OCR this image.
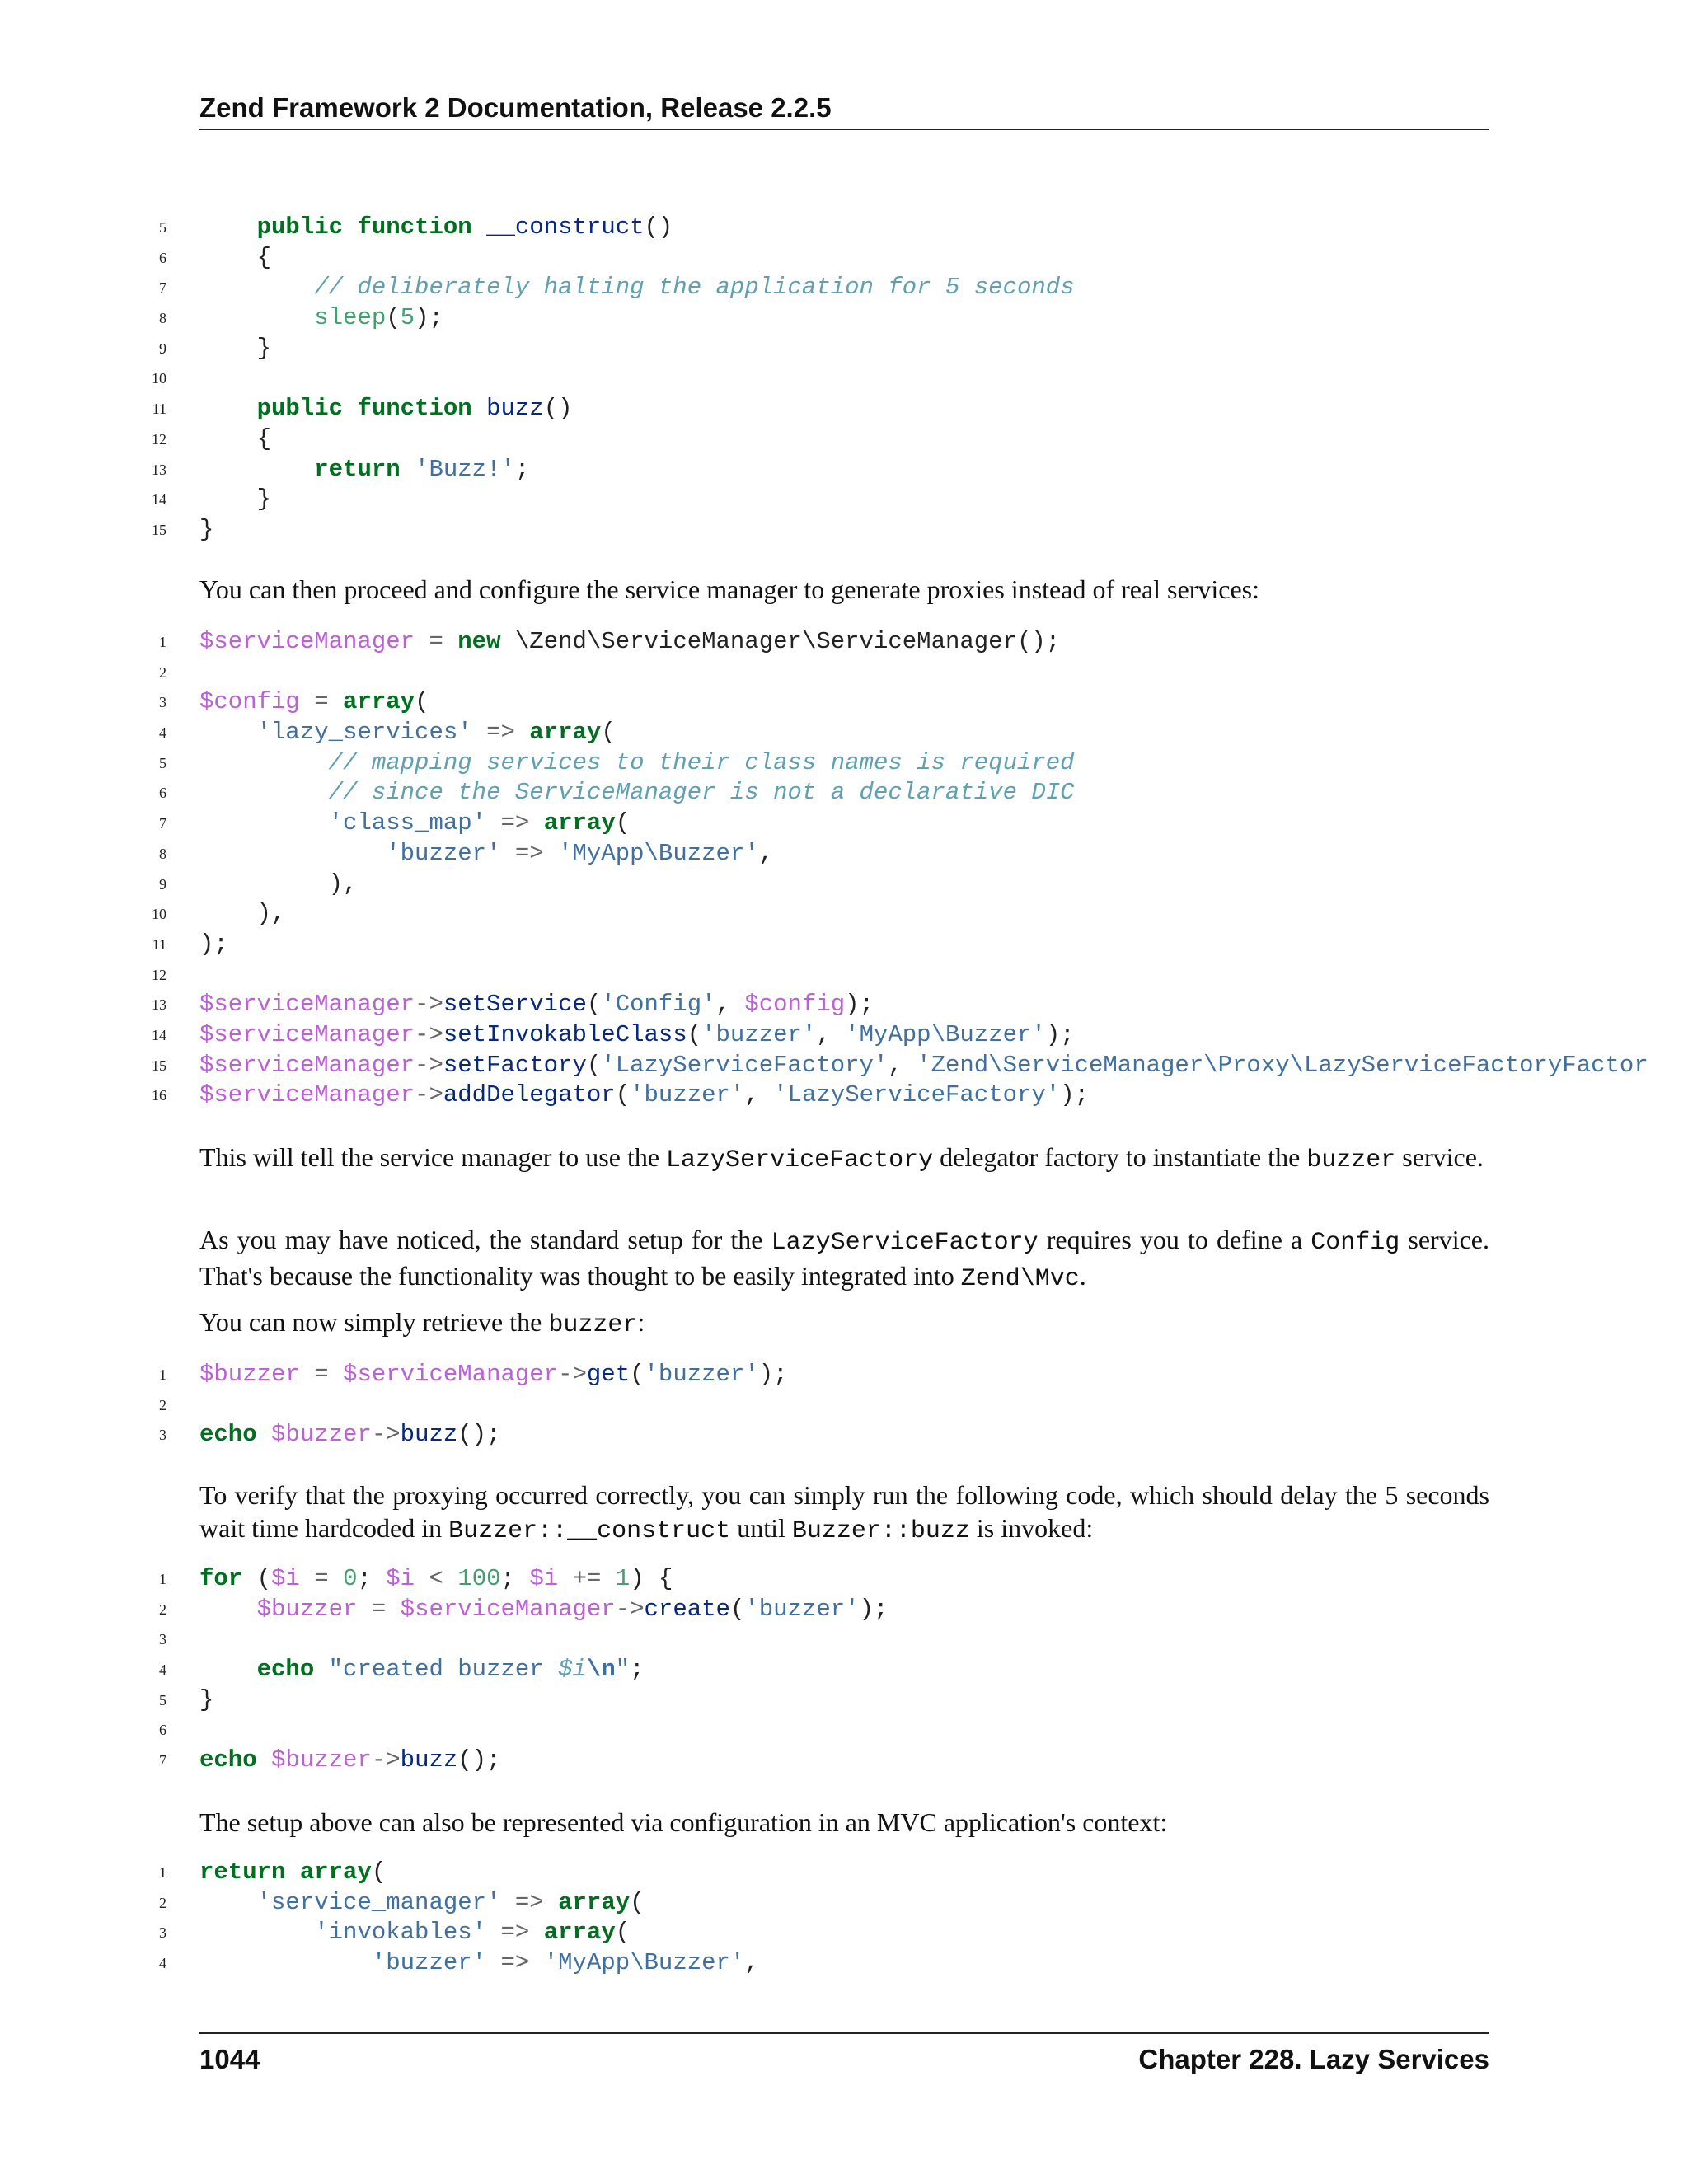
Zend Framework 2 Documentation, Release 2.2.5
5	public function __construct()
6 {
7	// deliberately halting the application for 5 seconds
8	sleep(5);
9 }
10
11	public function buzz()
12 {
13	return 'Buzz!';
14 }
15 }
You can then proceed and configure the service manager to generate proxies instead of real services:
1 $serviceManager = new \Zend\ServiceManager\ServiceManager();
2
3 $config = array(
4	'lazy_services' => array(
5	// mapping services to their class names is required
6	// since the ServiceManager is not a declarative DIC
7	'class_map' => array(
8	'buzzer' => 'MyApp\Buzzer',
9 ),
10 ),
11 );
12
13 $serviceManager->setService('Config', $config);
14 $serviceManager->setInvokableClass('buzzer', 'MyApp\Buzzer');
15 $serviceManager->setFactory('LazyServiceFactory', 'Zend\ServiceManager\Proxy\LazyServiceFactoryFactor
16 $serviceManager->addDelegator('buzzer', 'LazyServiceFactory');
This will tell the service manager to use the LazyServiceFactory delegator factory to instantiate the buzzer service.
As you may have noticed, the standard setup for the LazyServiceFactory requires you to define a Config service. That's because the functionality was thought to be easily integrated into Zend\Mvc.
You can now simply retrieve the buzzer:
1 $buzzer = $serviceManager->get('buzzer');
2
3 echo $buzzer->buzz();
To verify that the proxying occurred correctly, you can simply run the following code, which should delay the 5 seconds wait time hardcoded in Buzzer::__construct until Buzzer::buzz is invoked:
1 for ($i = 0; $i < 100; $i += 1) {
2	$buzzer = $serviceManager->create('buzzer');
3
4	echo "created buzzer $i\n";
5 }
6
7 echo $buzzer->buzz();
The setup above can also be represented via configuration in an MVC application's context:
1 return array(
2	'service_manager' => array(
3	'invokables' => array(
4	'buzzer' => 'MyApp\Buzzer',
1044	Chapter 228. Lazy Services
